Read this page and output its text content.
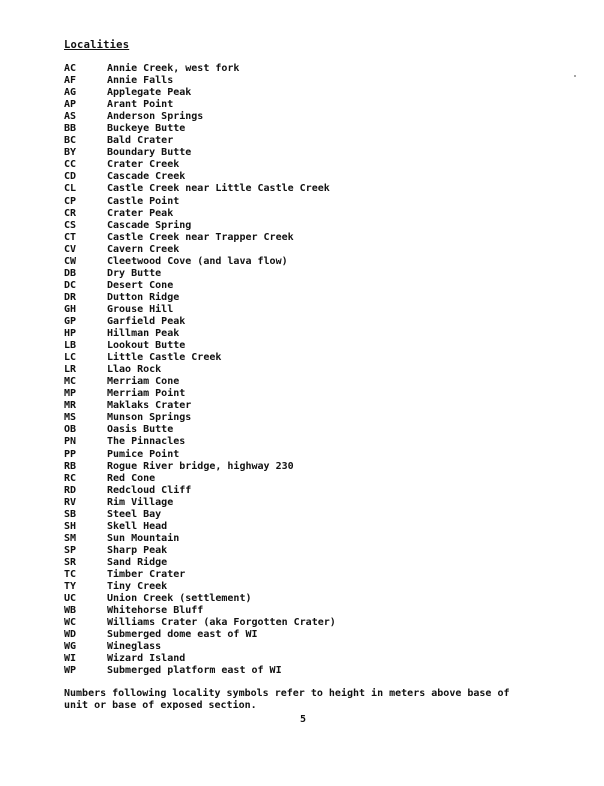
Localities
AC	Annie Creek, west fork
AF	Annie Falls
AG	Applegate Peak
AP	Arant Point
AS	Anderson Springs
BB	Buckeye Butte
BC	Bald Crater
BY	Boundary Butte
CC	Crater Creek
CD	Cascade Creek
CL	Castle Creek near Little Castle Creek
CP	Castle Point
CR	Crater Peak
CS	Cascade Spring
CT	Castle Creek near Trapper Creek
CV	Cavern Creek
CW	Cleetwood Cove (and lava flow)
DB	Dry Butte
DC	Desert Cone
DR	Dutton Ridge
GH	Grouse Hill
GP	Garfield Peak
HP	Hillman Peak
LB	Lookout Butte
LC	Little Castle Creek
LR	Llao Rock
MC	Merriam Cone
MP	Merriam Point
MR	Maklaks Crater
MS	Munson Springs
OB	Oasis Butte
PN	The Pinnacles
PP	Pumice Point
RB	Rogue River bridge, highway 230
RC	Red Cone
RD	Redcloud Cliff
RV	Rim Village
SB	Steel Bay
SH	Skell Head
SM	Sun Mountain
SP	Sharp Peak
SR	Sand Ridge
TC	Timber Crater
TY	Tiny Creek
UC	Union Creek (settlement)
WB	Whitehorse Bluff
WC	Williams Crater (aka Forgotten Crater)
WD	Submerged dome east of WI
WG	Wineglass
WI	Wizard Island
WP	Submerged platform east of WI
Numbers following locality symbols refer to height in meters above base of
unit or base of exposed section.
5
